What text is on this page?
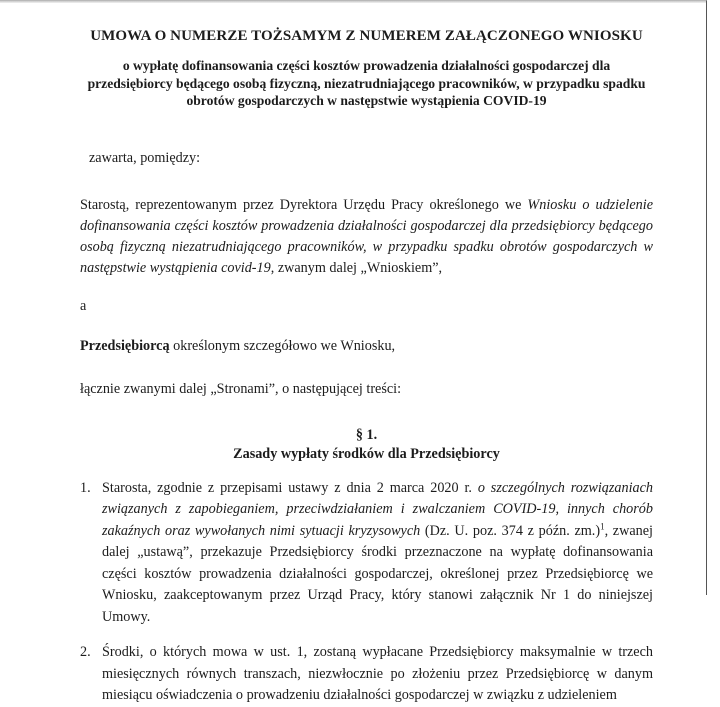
UMOWA O NUMERZE TOŻSAMYM Z NUMEREM ZAŁĄCZONEGO WNIOSKU
o wypłatę dofinansowania części kosztów prowadzenia działalności gospodarczej dla
przedsiębiorcy będącego osobą fizyczną, niezatrudniającego pracowników, w przypadku spadku
obrotów gospodarczych w następstwie wystąpienia COVID-19

zawarta, pomiędzy:

Starostą, reprezentowanym przez Dyrektora Urzędu Pracy określonego we Wniosku o udzielenie dofinansowania części kosztów prowadzenia działalności gospodarczej dla przedsiębiorcy będącego osobą fizyczną niezatrudniającego pracowników, w przypadku spadku obrotów gospodarczych w następstwie wystąpienia covid-19, zwanym dalej „Wnioskiem”,

a

Przedsiębiorcą określonym szczegółowo we Wniosku,

łącznie zwanymi dalej „Stronami”, o następującej treści:

§ 1.
Zasady wypłaty środków dla Przedsiębiorcy
1. Starosta, zgodnie z przepisami ustawy z dnia 2 marca 2020 r. o szczególnych rozwiązaniach związanych z zapobieganiem, przeciwdziałaniem i zwalczaniem COVID-19, innych chorób zakaźnych oraz wywołanych nimi sytuacji kryzysowych (Dz. U. poz. 374 z późn. zm.)$^1$, zwanej dalej „ustawą”, przekazuje Przedsiębiorcy środki przeznaczone na wypłatę dofinansowania części kosztów prowadzenia działalności gospodarczej, określonej przez Przedsiębiorcę we Wniosku, zaakceptowanym przez Urząd Pracy, który stanowi załącznik Nr 1 do niniejszej Umowy.
2. Środki, o których mowa w ust. 1, zostaną wypłacane Przedsiębiorcy maksymalnie w trzech miesięcznych równych transzach, niezwłocznie po złożeniu przez Przedsiębiorcę w danym miesiącu oświadczenia o prowadzeniu działalności gospodarczej w związku z udzieleniem
